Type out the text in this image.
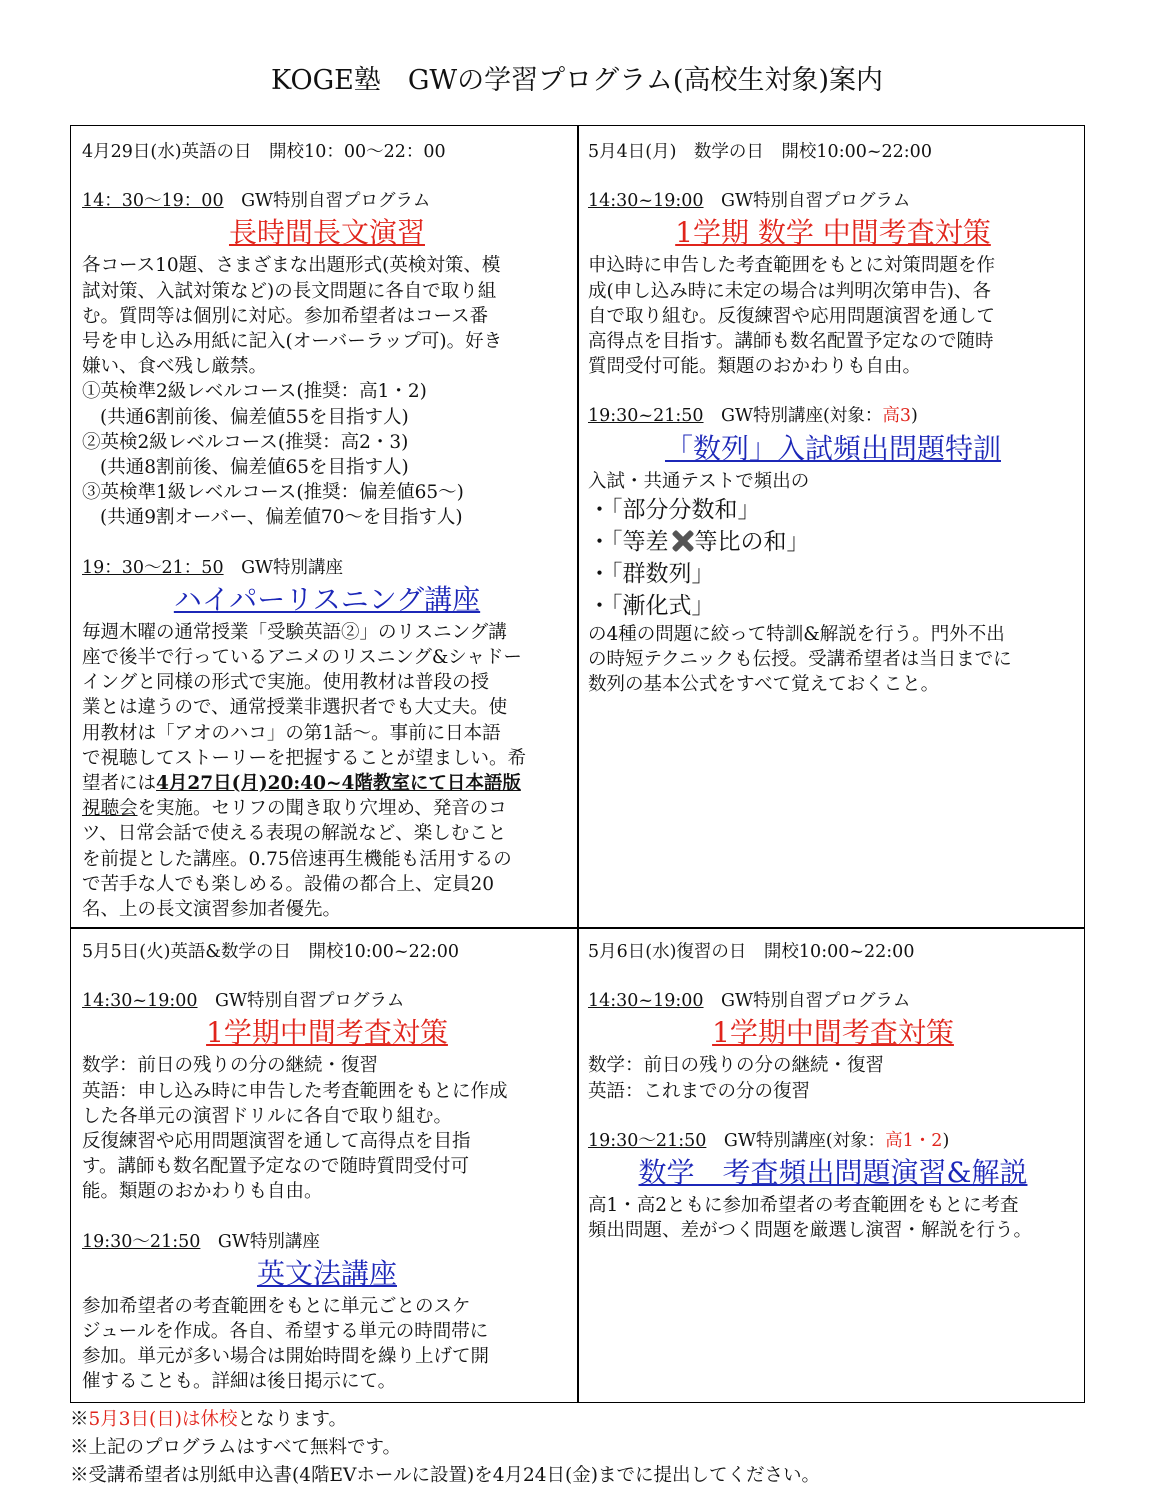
KOGE塾　GWの学習プログラム(高校生対象)案内
4月29日(水)英語の日　開校10：00〜22：00
14：30〜19：00　GW特別自習プログラム
長時間長文演習

各コース10題、さまざまな出題形式(英検対策、模

試対策、入試対策など)の長文問題に各自で取り組

む。質問等は個別に対応。参加希望者はコース番

号を申し込み用紙に記入(オーバーラップ可)。好き

嫌い、食べ残し厳禁。

①英検準2級レベルコース(推奨：高1・2)

(共通6割前後、偏差値55を目指す人)

②英検2級レベルコース(推奨：高2・3)

(共通8割前後、偏差値65を目指す人)

③英検準1級レベルコース(推奨：偏差値65〜)

(共通9割オーバー、偏差値70〜を目指す人)

19：30〜21：50　GW特別講座
ハイパーリスニング講座

毎週木曜の通常授業「受験英語②」のリスニング講

座で後半で行っているアニメのリスニング&シャドー

イングと同様の形式で実施。使用教材は普段の授

業とは違うので、通常授業非選択者でも大丈夫。使

用教材は「アオのハコ」の第1話〜。事前に日本語

で視聴してストーリーを把握することが望ましい。希

望者には4月27日(月)20:40~4階教室にて日本語版

視聴会を実施。セリフの聞き取り穴埋め、発音のコ

ツ、日常会話で使える表現の解説など、楽しむこと

を前提とした講座。0.75倍速再生機能も活用するの

で苦手な人でも楽しめる。設備の都合上、定員20

名、上の長文演習参加者優先。

5月4日(月)　数学の日　開校10:00~22:00
14:30~19:00　GW特別自習プログラム
1学期 数学 中間考査対策

申込時に申告した考査範囲をもとに対策問題を作

成(申し込み時に未定の場合は判明次第申告)、各

自で取り組む。反復練習や応用問題演習を通して

高得点を目指す。講師も数名配置予定なので随時

質問受付可能。類題のおかわりも自由。

19:30~21:50　GW特別講座(対象：高3)
「数列」入試頻出問題特訓

入試・共通テストで頻出の

・「部分分数和」

・「等差 等比の和」

・「群数列」

・「漸化式」

の4種の問題に絞って特訓&解説を行う。門外不出

の時短テクニックも伝授。受講希望者は当日までに

数列の基本公式をすべて覚えておくこと。

5月5日(火)英語&数学の日　開校10:00~22:00
14:30~19:00　GW特別自習プログラム
1学期中間考査対策

数学：前日の残りの分の継続・復習

英語：申し込み時に申告した考査範囲をもとに作成

した各単元の演習ドリルに各自で取り組む。

反復練習や応用問題演習を通して高得点を目指

す。講師も数名配置予定なので随時質問受付可

能。類題のおかわりも自由。

19:30〜21:50　GW特別講座
英文法講座

参加希望者の考査範囲をもとに単元ごとのスケ

ジュールを作成。各自、希望する単元の時間帯に

参加。単元が多い場合は開始時間を繰り上げて開

催することも。詳細は後日掲示にて。

5月6日(水)復習の日　開校10:00~22:00
14:30~19:00　GW特別自習プログラム
1学期中間考査対策

数学：前日の残りの分の継続・復習

英語：これまでの分の復習

19:30〜21:50　GW特別講座(対象：高1・2)
数学　考査頻出問題演習&解説

高1・高2ともに参加希望者の考査範囲をもとに考査

頻出問題、差がつく問題を厳選し演習・解説を行う。

※5月3日(日)は休校となります。
※上記のプログラムはすべて無料です。
※受講希望者は別紙申込書(4階EVホールに設置)を4月24日(金)までに提出してください。
